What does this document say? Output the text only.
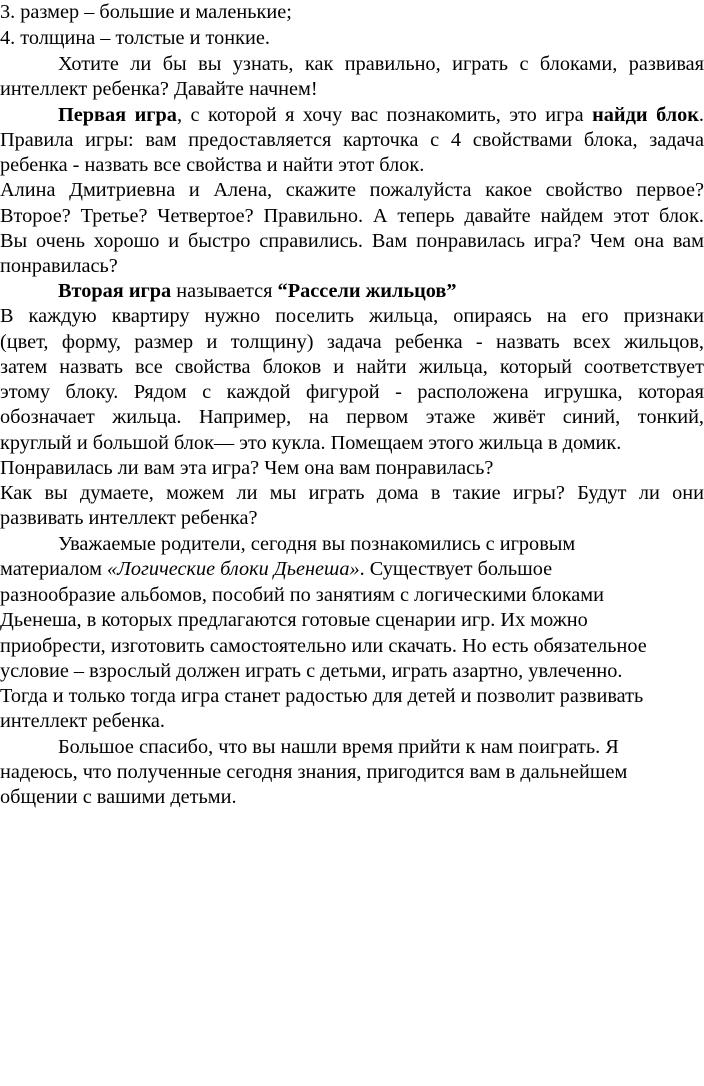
3. размер – большие и маленькие;
4. толщина – толстые и тонкие.
Хотите ли бы вы узнать, как правильно, играть с блоками, развивая
интеллект ребенка? Давайте начнем!
Первая игра, с которой я хочу вас познакомить, это игра найди блок.
Правила игры: вам предоставляется карточка с 4 свойствами блока, задача
ребенка - назвать все свойства и найти этот блок.
Алина Дмитриевна и Алена, скажите пожалуйста какое свойство первое?
Второе? Третье? Четвертое? Правильно. А теперь давайте найдем этот блок.
Вы очень хорошо и быстро справились. Вам понравилась игра? Чем она вам
понравилась?
Вторая игра называется “Рассели жильцов”
В каждую квартиру нужно поселить жильца, опираясь на его признаки
(цвет, форму, размер и толщину) задача ребенка - назвать всех жильцов,
затем назвать все свойства блоков и найти жильца, который соответствует
этому блоку. Рядом с каждой фигурой - расположена игрушка, которая
обозначает жильца. Например, на первом этаже живёт синий, тонкий,
круглый и большой блок— это кукла. Помещаем этого жильца в домик.
Понравилась ли вам эта игра? Чем она вам понравилась?
Как вы думаете, можем ли мы играть дома в такие игры? Будут ли они
развивать интеллект ребенка?
Уважаемые родители, сегодня вы познакомились с игровым
материалом «Логические блоки Дьенеша». Существует большое
разнообразие альбомов, пособий по занятиям с логическими блоками
Дьенеша, в которых предлагаются готовые сценарии игр. Их можно
приобрести, изготовить самостоятельно или скачать. Но есть обязательное
условие – взрослый должен играть с детьми, играть азартно, увлеченно.
Тогда и только тогда игра станет радостью для детей и позволит развивать
интеллект ребенка.
Большое спасибо, что вы нашли время прийти к нам поиграть. Я
надеюсь, что полученные сегодня знания, пригодится вам в дальнейшем
общении с вашими детьми.
